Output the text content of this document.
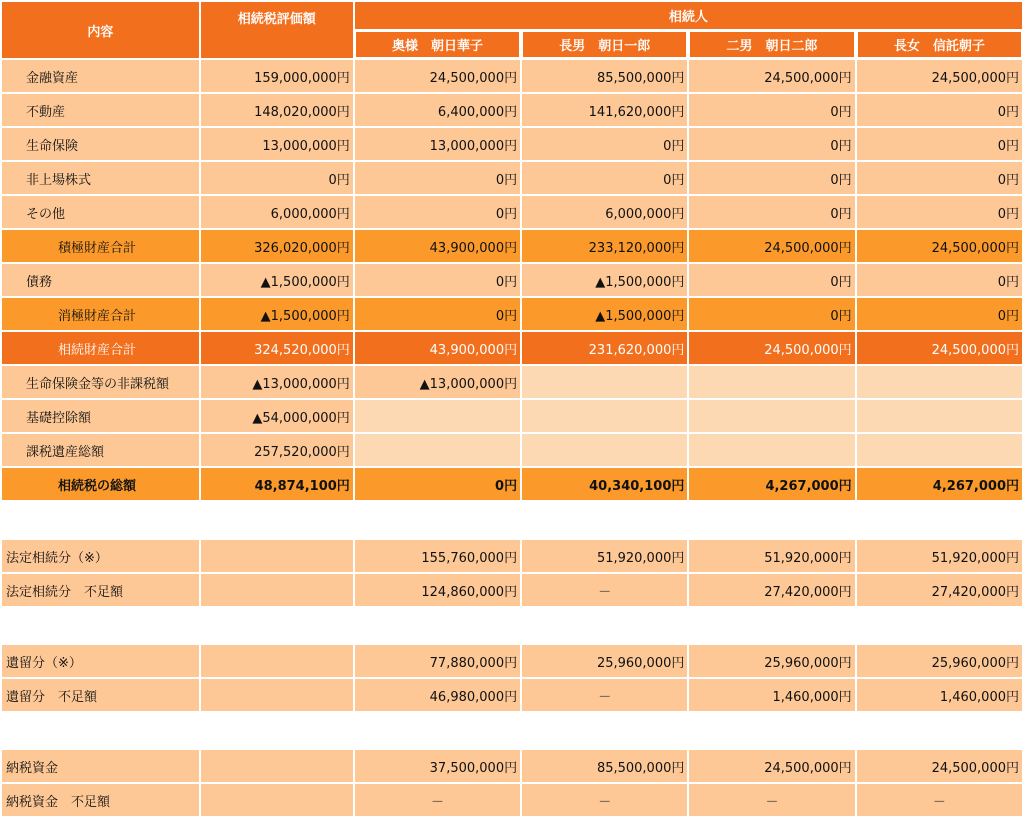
内容	相続税評価額	相続人			
		奥様　朝日華子	長男　朝日一郎	二男　朝日二郎	長女　信託朝子
金融資産	159,000,000円	24,500,000円	85,500,000円	24,500,000円	24,500,000円
不動産	148,020,000円	6,400,000円	141,620,000円	0円	0円
生命保険	13,000,000円	13,000,000円	0円	0円	0円
非上場株式	0円	0円	0円	0円	0円
その他	6,000,000円	0円	6,000,000円	0円	0円
積極財産合計	326,020,000円	43,900,000円	233,120,000円	24,500,000円	24,500,000円
債務	▲1,500,000円	0円	▲1,500,000円	0円	0円
消極財産合計	▲1,500,000円	0円	▲1,500,000円	0円	0円
相続財産合計	324,520,000円	43,900,000円	231,620,000円	24,500,000円	24,500,000円
生命保険金等の非課税額	▲13,000,000円	▲13,000,000円			
基礎控除額	▲54,000,000円				
課税遺産総額	257,520,000円				
相続税の総額	48,874,100円	0円	40,340,100円	4,267,000円	4,267,000円
法定相続分（※）		155,760,000円	51,920,000円	51,920,000円	51,920,000円
法定相続分　不足額		124,860,000円	－	27,420,000円	27,420,000円
遺留分（※）		77,880,000円	25,960,000円	25,960,000円	25,960,000円
遺留分　不足額		46,980,000円	－	1,460,000円	1,460,000円
納税資金		37,500,000円	85,500,000円	24,500,000円	24,500,000円
納税資金　不足額		－	－	－	－
